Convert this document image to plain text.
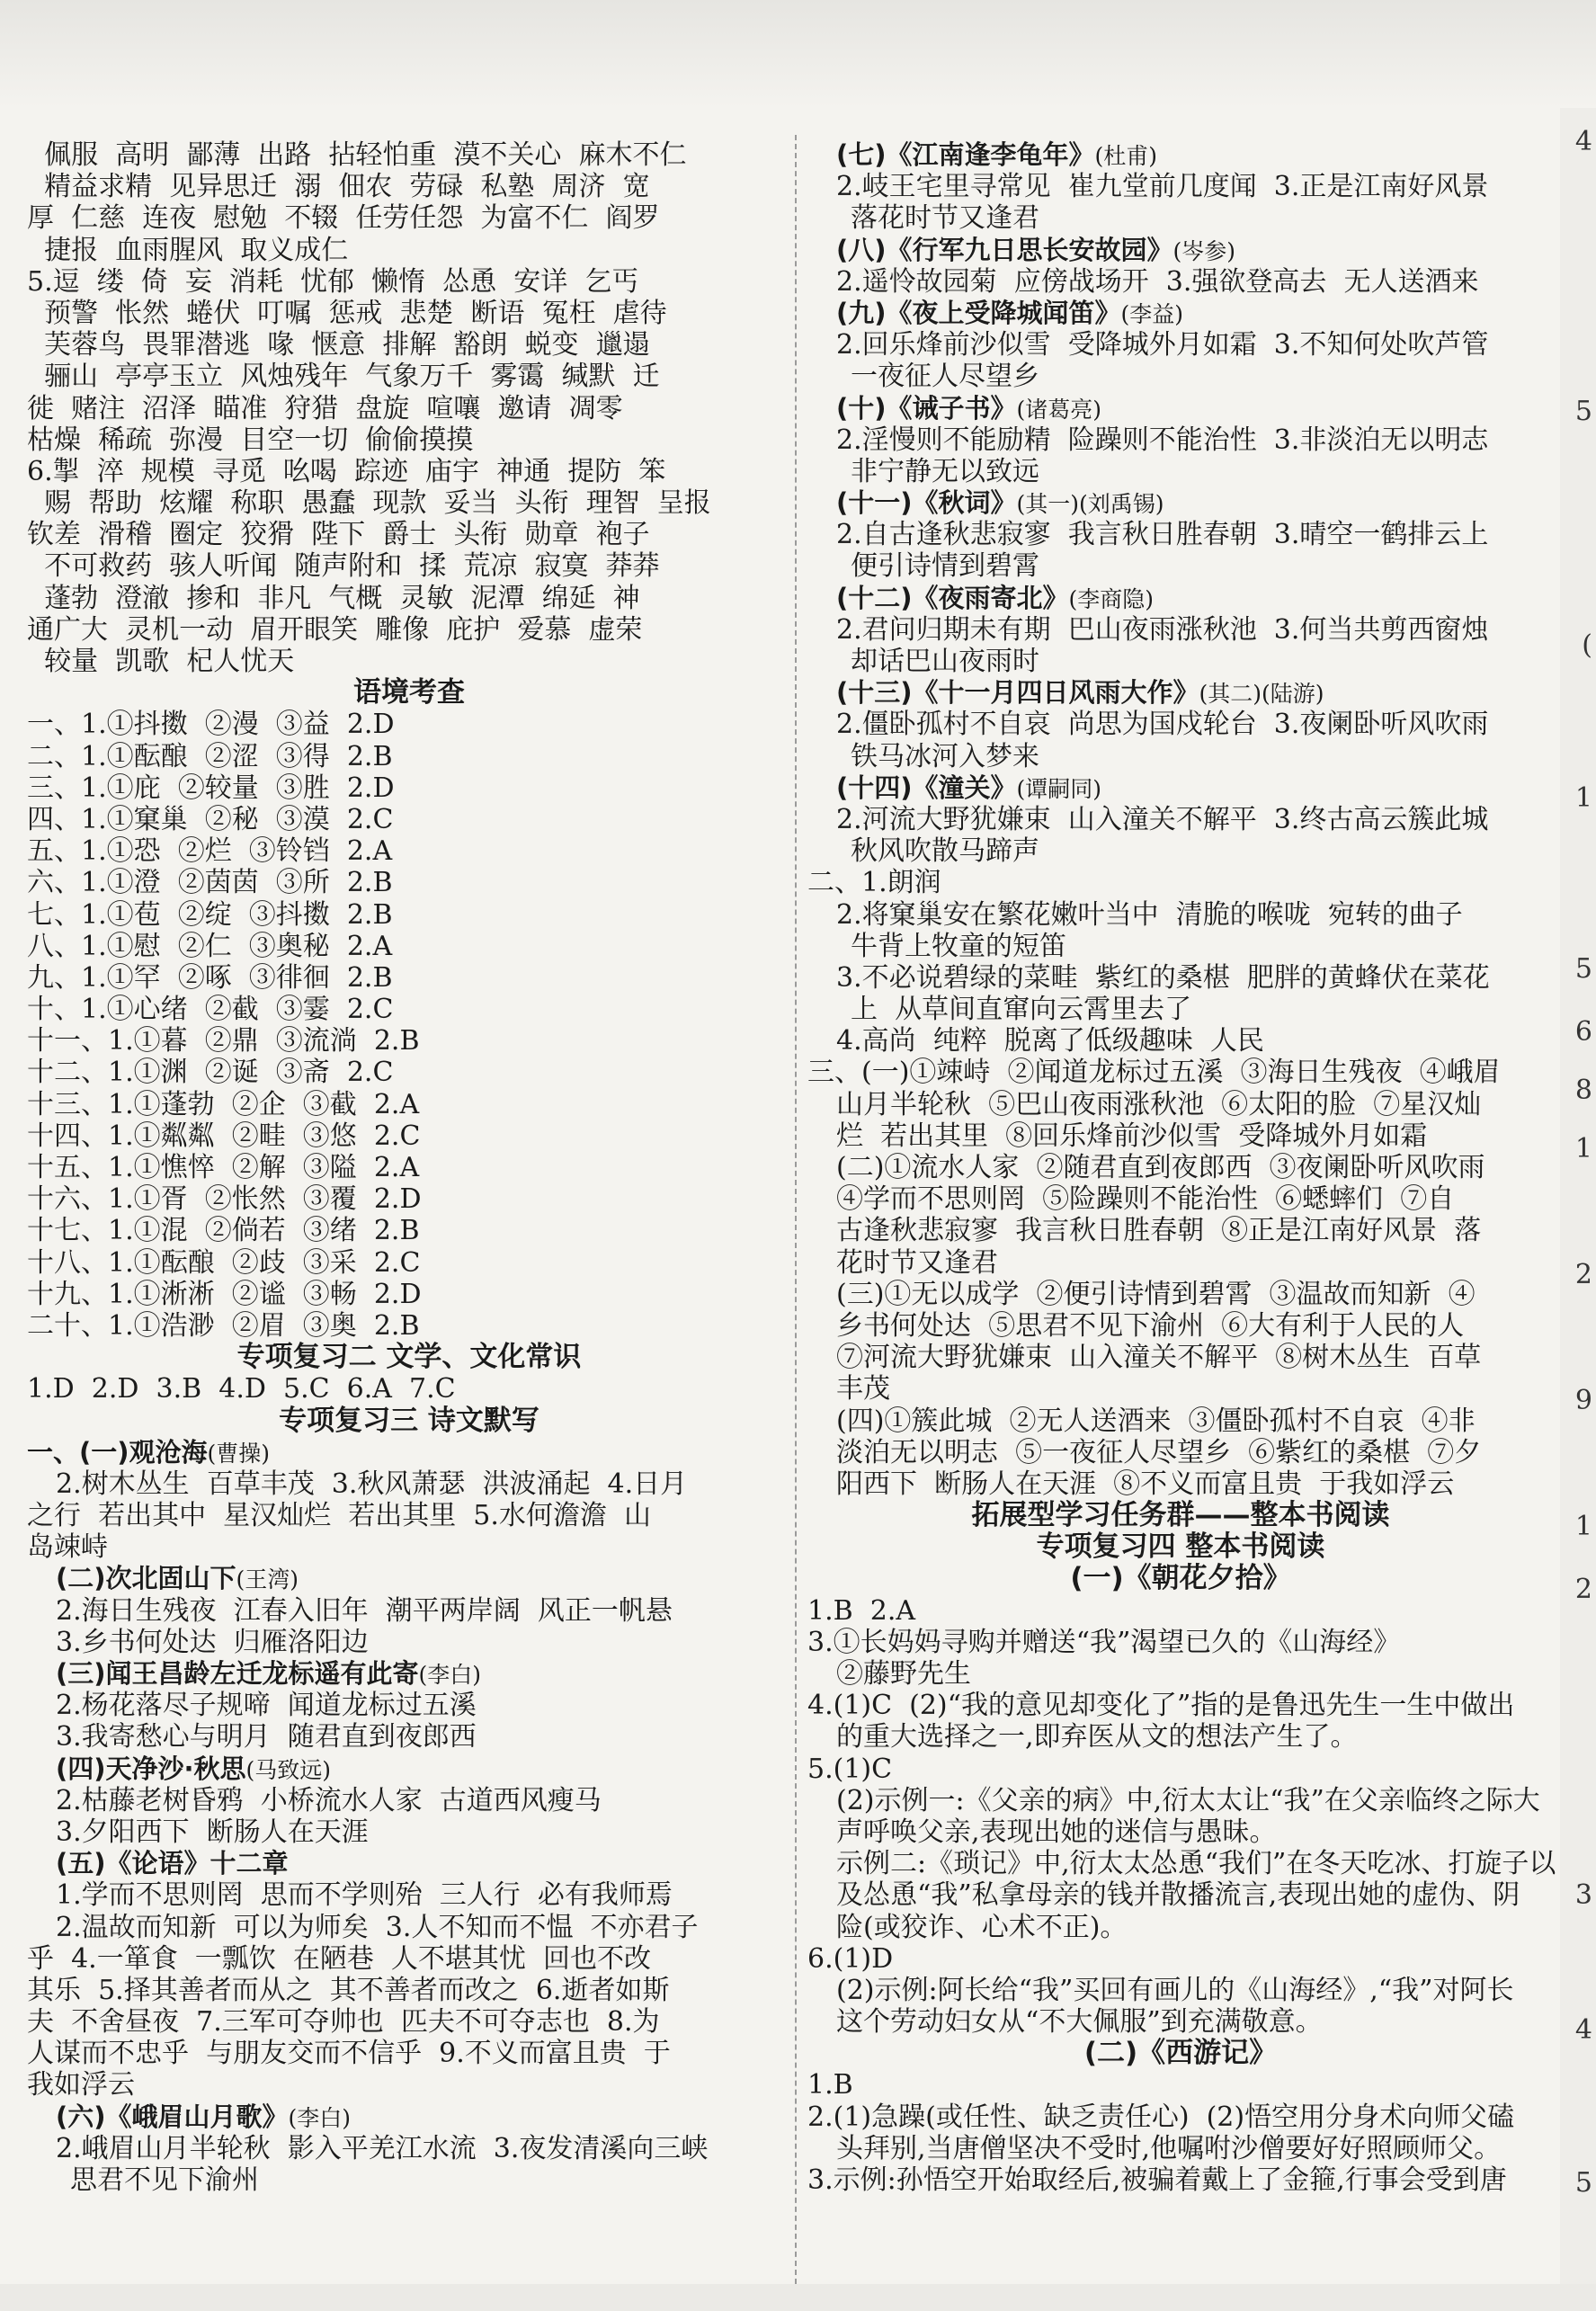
佩服  高明  鄙薄  出路  拈轻怕重  漠不关心  麻木不仁
精益求精  见异思迁  溺  佃农  劳碌  私塾  周济  宽
厚  仁慈  连夜  慰勉  不辍  任劳任怨  为富不仁  阎罗
捷报  血雨腥风  取义成仁
5.逗  缕  倚  妄  消耗  忧郁  懒惰  怂恿  安详  乞丐
预警  怅然  蜷伏  叮嘱  惩戒  悲楚  断语  冤枉  虐待
芙蓉鸟  畏罪潜逃  喙  惬意  排解  豁朗  蜕变  邋遢
骊山  亭亭玉立  风烛残年  气象万千  雾霭  缄默  迁
徙  赌注  沼泽  瞄准  狩猎  盘旋  喧嚷  邀请  凋零
枯燥  稀疏  弥漫  目空一切  偷偷摸摸
6.掣  淬  规模  寻觅  吆喝  踪迹  庙宇  神通  提防  笨
赐  帮助  炫耀  称职  愚蠢  现款  妥当  头衔  理智  呈报
钦差  滑稽  圈定  狡猾  陛下  爵士  头衔  勋章  袍子
不可救药  骇人听闻  随声附和  揉  荒凉  寂寞  莽莽
蓬勃  澄澈  掺和  非凡  气概  灵敏  泥潭  绵延  神
通广大  灵机一动  眉开眼笑  雕像  庇护  爱慕  虚荣
较量  凯歌  杞人忧天
语境考查
一、1.①抖擞  ②漫  ③益  2.D
二、1.①酝酿  ②涩  ③得  2.B
三、1.①庇  ②较量  ③胜  2.D
四、1.①窠巢  ②秘  ③漠  2.C
五、1.①恐  ②烂  ③铃铛  2.A
六、1.①澄  ②茵茵  ③所  2.B
七、1.①苞  ②绽  ③抖擞  2.B
八、1.①慰  ②仁  ③奥秘  2.A
九、1.①罕  ②啄  ③徘徊  2.B
十、1.①心绪  ②截  ③霎  2.C
十一、1.①暮  ②鼎  ③流淌  2.B
十二、1.①渊  ②诞  ③斋  2.C
十三、1.①蓬勃  ②企  ③截  2.A
十四、1.①粼粼  ②畦  ③悠  2.C
十五、1.①憔悴  ②解  ③隘  2.A
十六、1.①胥  ②怅然  ③覆  2.D
十七、1.①混  ②倘若  ③绪  2.B
十八、1.①酝酿  ②歧  ③采  2.C
十九、1.①淅淅  ②谧  ③畅  2.D
二十、1.①浩渺  ②眉  ③奥  2.B
专项复习二 文学、文化常识
1.D  2.D  3.B  4.D  5.C  6.A  7.C
专项复习三 诗文默写
一、(一)观沧海(曹操)
2.树木丛生  百草丰茂  3.秋风萧瑟  洪波涌起  4.日月
之行  若出其中  星汉灿烂  若出其里  5.水何澹澹  山
岛竦峙
(二)次北固山下(王湾)
2.海日生残夜  江春入旧年  潮平两岸阔  风正一帆悬
3.乡书何处达  归雁洛阳边
(三)闻王昌龄左迁龙标遥有此寄(李白)
2.杨花落尽子规啼  闻道龙标过五溪
3.我寄愁心与明月  随君直到夜郎西
(四)天净沙·秋思(马致远)
2.枯藤老树昏鸦  小桥流水人家  古道西风瘦马
3.夕阳西下  断肠人在天涯
(五)《论语》十二章
1.学而不思则罔  思而不学则殆  三人行  必有我师焉
2.温故而知新  可以为师矣  3.人不知而不愠  不亦君子
乎  4.一箪食  一瓢饮  在陋巷  人不堪其忧  回也不改
其乐  5.择其善者而从之  其不善者而改之  6.逝者如斯
夫  不舍昼夜  7.三军可夺帅也  匹夫不可夺志也  8.为
人谋而不忠乎  与朋友交而不信乎  9.不义而富且贵  于
我如浮云
(六)《峨眉山月歌》(李白)
2.峨眉山月半轮秋  影入平羌江水流  3.夜发清溪向三峡
思君不见下渝州
(七)《江南逢李龟年》(杜甫)
2.岐王宅里寻常见  崔九堂前几度闻  3.正是江南好风景
落花时节又逢君
(八)《行军九日思长安故园》(岑参)
2.遥怜故园菊  应傍战场开  3.强欲登高去  无人送酒来
(九)《夜上受降城闻笛》(李益)
2.回乐烽前沙似雪  受降城外月如霜  3.不知何处吹芦管
一夜征人尽望乡
(十)《诫子书》(诸葛亮)
2.淫慢则不能励精  险躁则不能治性  3.非淡泊无以明志
非宁静无以致远
(十一)《秋词》(其一)(刘禹锡)
2.自古逢秋悲寂寥  我言秋日胜春朝  3.晴空一鹤排云上
便引诗情到碧霄
(十二)《夜雨寄北》(李商隐)
2.君问归期未有期  巴山夜雨涨秋池  3.何当共剪西窗烛
却话巴山夜雨时
(十三)《十一月四日风雨大作》(其二)(陆游)
2.僵卧孤村不自哀  尚思为国戍轮台  3.夜阑卧听风吹雨
铁马冰河入梦来
(十四)《潼关》(谭嗣同)
2.河流大野犹嫌束  山入潼关不解平  3.终古高云簇此城
秋风吹散马蹄声
二、1.朗润
2.将窠巢安在繁花嫩叶当中  清脆的喉咙  宛转的曲子
牛背上牧童的短笛
3.不必说碧绿的菜畦  紫红的桑椹  肥胖的黄蜂伏在菜花
上  从草间直窜向云霄里去了
4.高尚  纯粹  脱离了低级趣味  人民
三、(一)①竦峙  ②闻道龙标过五溪  ③海日生残夜  ④峨眉
山月半轮秋  ⑤巴山夜雨涨秋池  ⑥太阳的脸  ⑦星汉灿
烂  若出其里  ⑧回乐烽前沙似雪  受降城外月如霜
(二)①流水人家  ②随君直到夜郎西  ③夜阑卧听风吹雨
④学而不思则罔  ⑤险躁则不能治性  ⑥蟋蟀们  ⑦自
古逢秋悲寂寥  我言秋日胜春朝  ⑧正是江南好风景  落
花时节又逢君
(三)①无以成学  ②便引诗情到碧霄  ③温故而知新  ④
乡书何处达  ⑤思君不见下渝州  ⑥大有利于人民的人
⑦河流大野犹嫌束  山入潼关不解平  ⑧树木丛生  百草
丰茂
(四)①簇此城  ②无人送酒来  ③僵卧孤村不自哀  ④非
淡泊无以明志  ⑤一夜征人尽望乡  ⑥紫红的桑椹  ⑦夕
阳西下  断肠人在天涯  ⑧不义而富且贵  于我如浮云
拓展型学习任务群——整本书阅读
专项复习四 整本书阅读
(一)《朝花夕拾》
1.B  2.A
3.①长妈妈寻购并赠送“我”渴望已久的《山海经》
②藤野先生
4.(1)C  (2)“我的意见却变化了”指的是鲁迅先生一生中做出
的重大选择之一,即弃医从文的想法产生了。
5.(1)C
(2)示例一:《父亲的病》中,衍太太让“我”在父亲临终之际大
声呼唤父亲,表现出她的迷信与愚昧。
示例二:《琐记》中,衍太太怂恿“我们”在冬天吃冰、打旋子以
及怂恿“我”私拿母亲的钱并散播流言,表现出她的虚伪、阴
险(或狡诈、心术不正)。
6.(1)D
(2)示例:阿长给“我”买回有画儿的《山海经》,“我”对阿长
这个劳动妇女从“不大佩服”到充满敬意。
(二)《西游记》
1.B
2.(1)急躁(或任性、缺乏责任心)  (2)悟空用分身术向师父磕
头拜别,当唐僧坚决不受时,他嘱咐沙僧要好好照顾师父。
3.示例:孙悟空开始取经后,被骗着戴上了金箍,行事会受到唐
4
5
(
1
5
6
8
1
2
9
1
2
3
4
5
